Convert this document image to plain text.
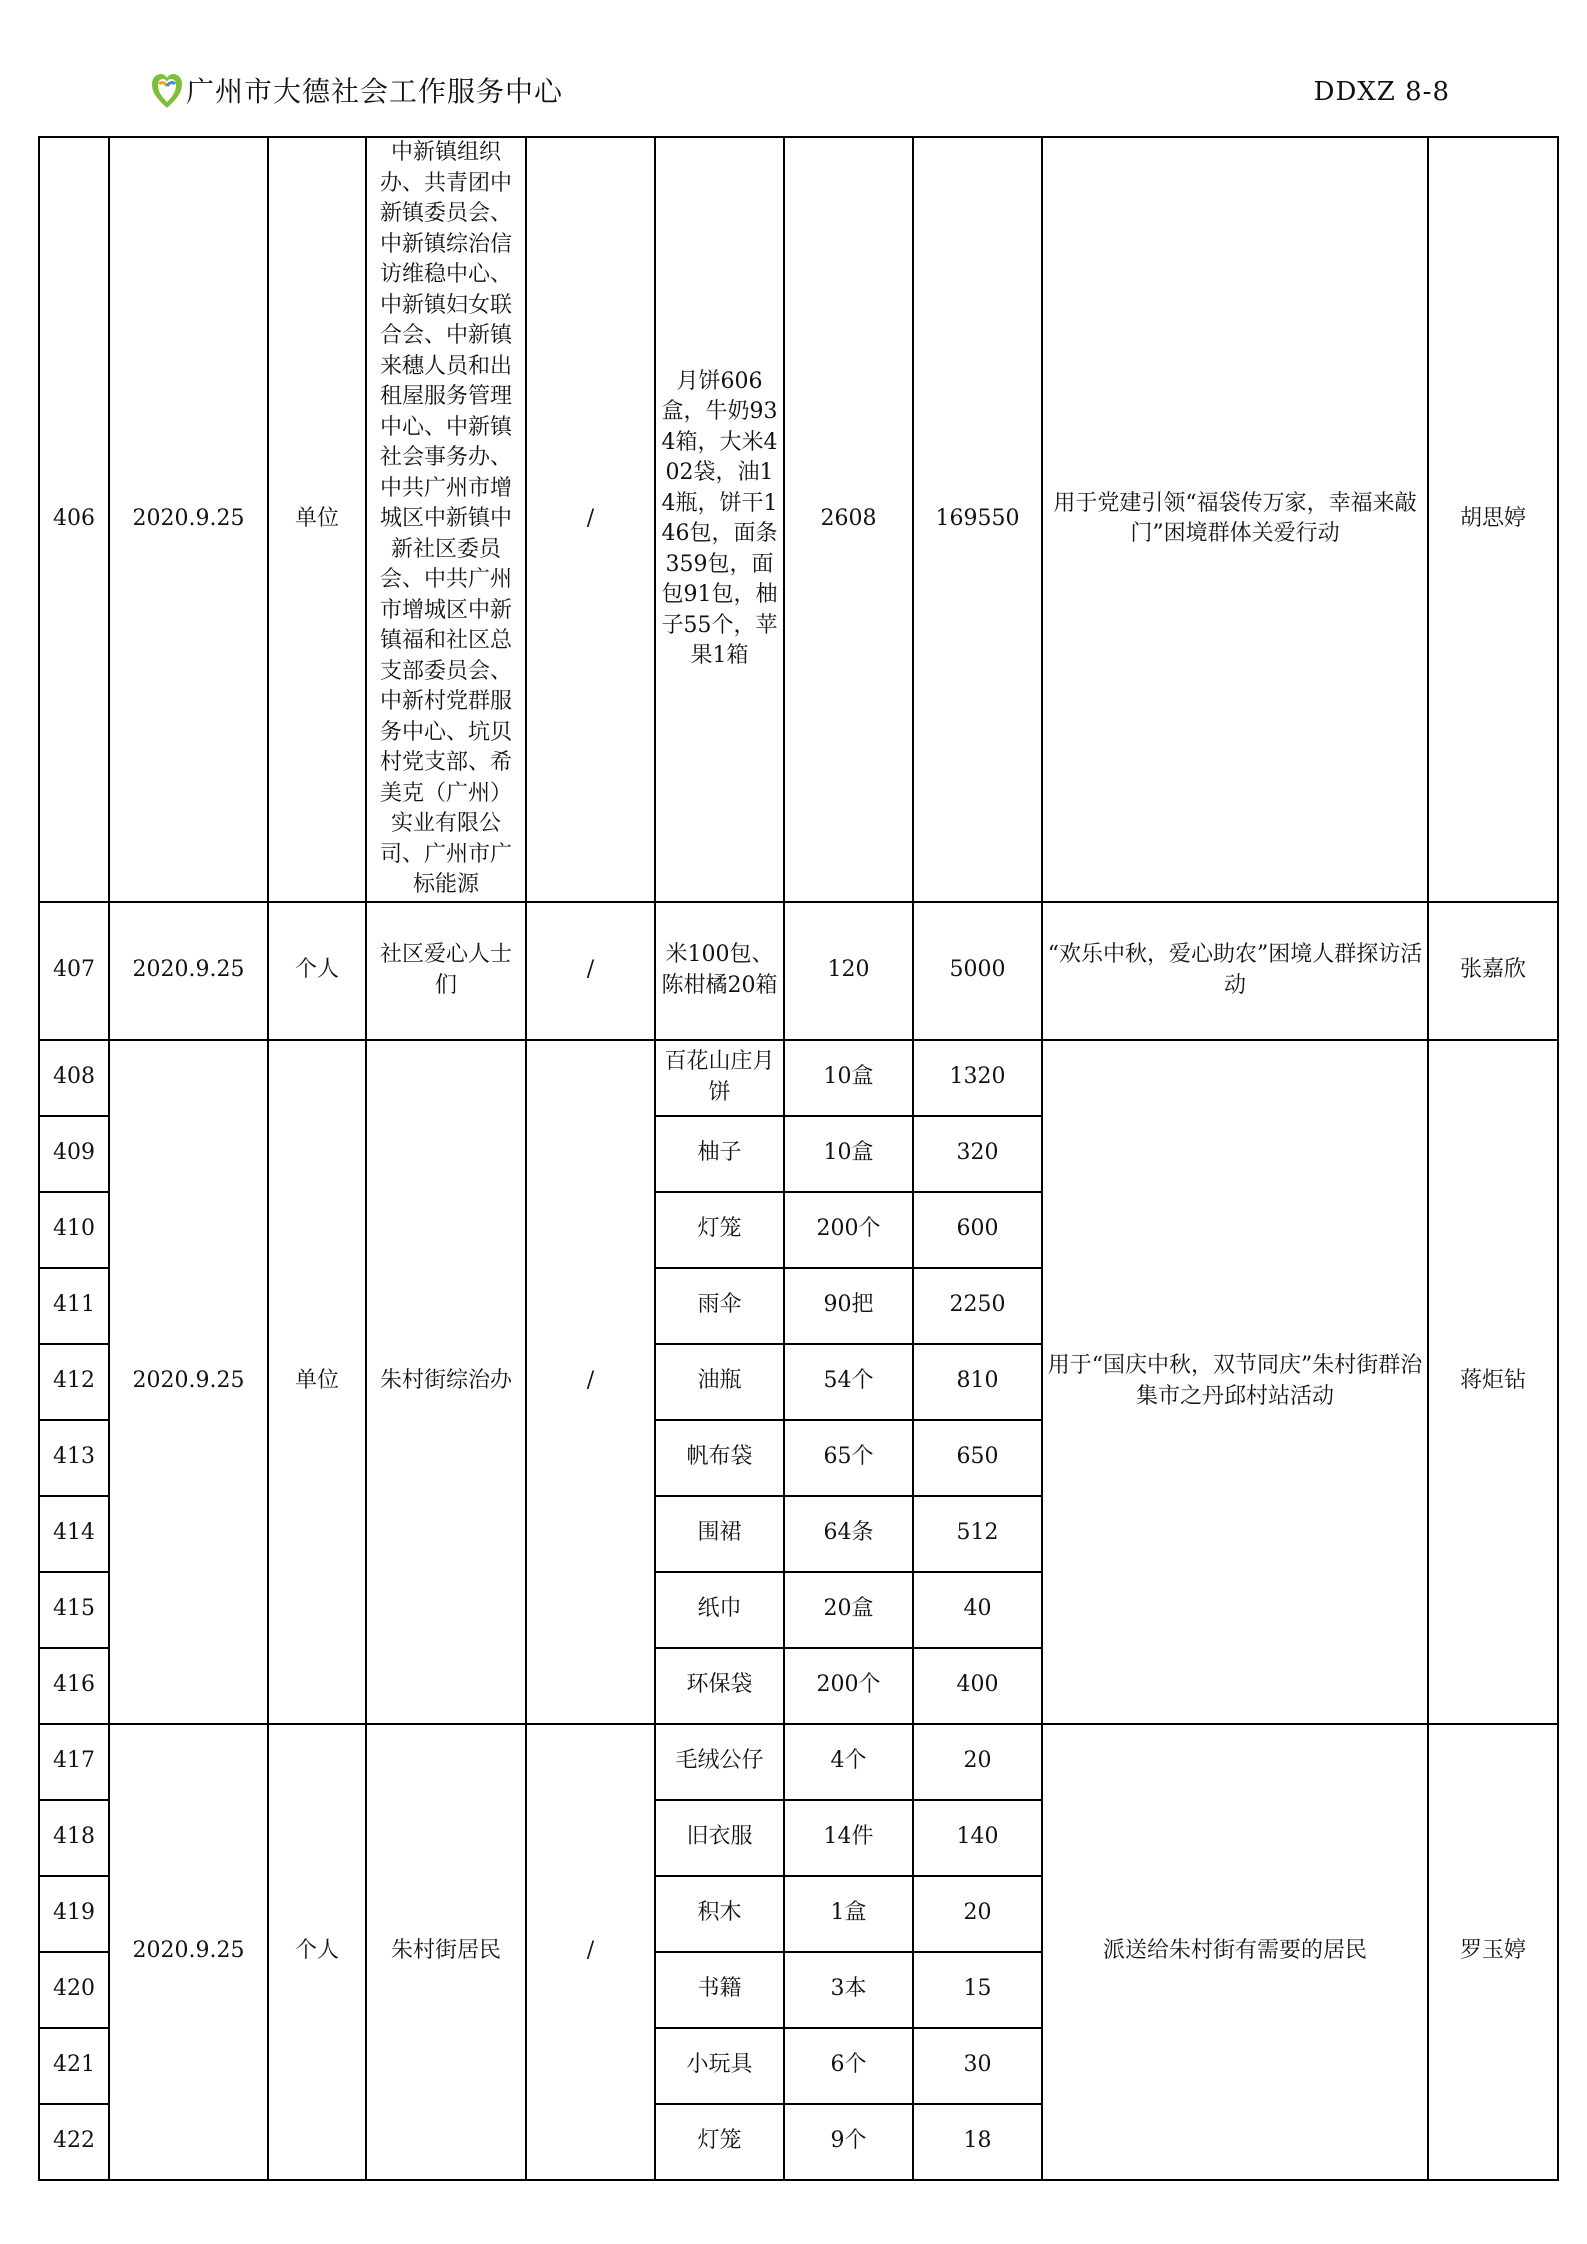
广州市大德社会工作服务中心	DDXZ 8-8
406	2020.9.25	单位	中新镇组织办、共青团中新镇委员会、中新镇综治信访维稳中心、中新镇妇女联合会、中新镇来穗人员和出租屋服务管理中心、中新镇社会事务办、中共广州市增城区中新镇中新社区委员会、中共广州市增城区中新镇福和社区总支部委员会、中新村党群服务中心、坑贝村党支部、希美克（广州）实业有限公司、广州市广标能源	/	月饼606盒，牛奶934箱，大米402袋，油14瓶，饼干146包，面条359包，面包91包，柚子55个，苹果1箱	2608	169550	用于党建引领“福袋传万家，幸福来敲门”困境群体关爱行动	胡思婷
407	2020.9.25	个人	社区爱心人士们	/	米100包、陈柑橘20箱	120	5000	“欢乐中秋，爱心助农”困境人群探访活动	张嘉欣
408	2020.9.25	单位	朱村街综治办	/	百花山庄月饼	10盒	1320	用于“国庆中秋，双节同庆”朱村街群治集市之丹邱村站活动	蒋炬钻
409					柚子	10盒	320		
410					灯笼	200个	600		
411					雨伞	90把	2250		
412					油瓶	54个	810		
413					帆布袋	65个	650		
414					围裙	64条	512		
415					纸巾	20盒	40		
416					环保袋	200个	400		
417	2020.9.25	个人	朱村街居民	/	毛绒公仔	4个	20	派送给朱村街有需要的居民	罗玉婷
418					旧衣服	14件	140		
419					积木	1盒	20		
420					书籍	3本	15		
421					小玩具	6个	30		
422					灯笼	9个	18		
